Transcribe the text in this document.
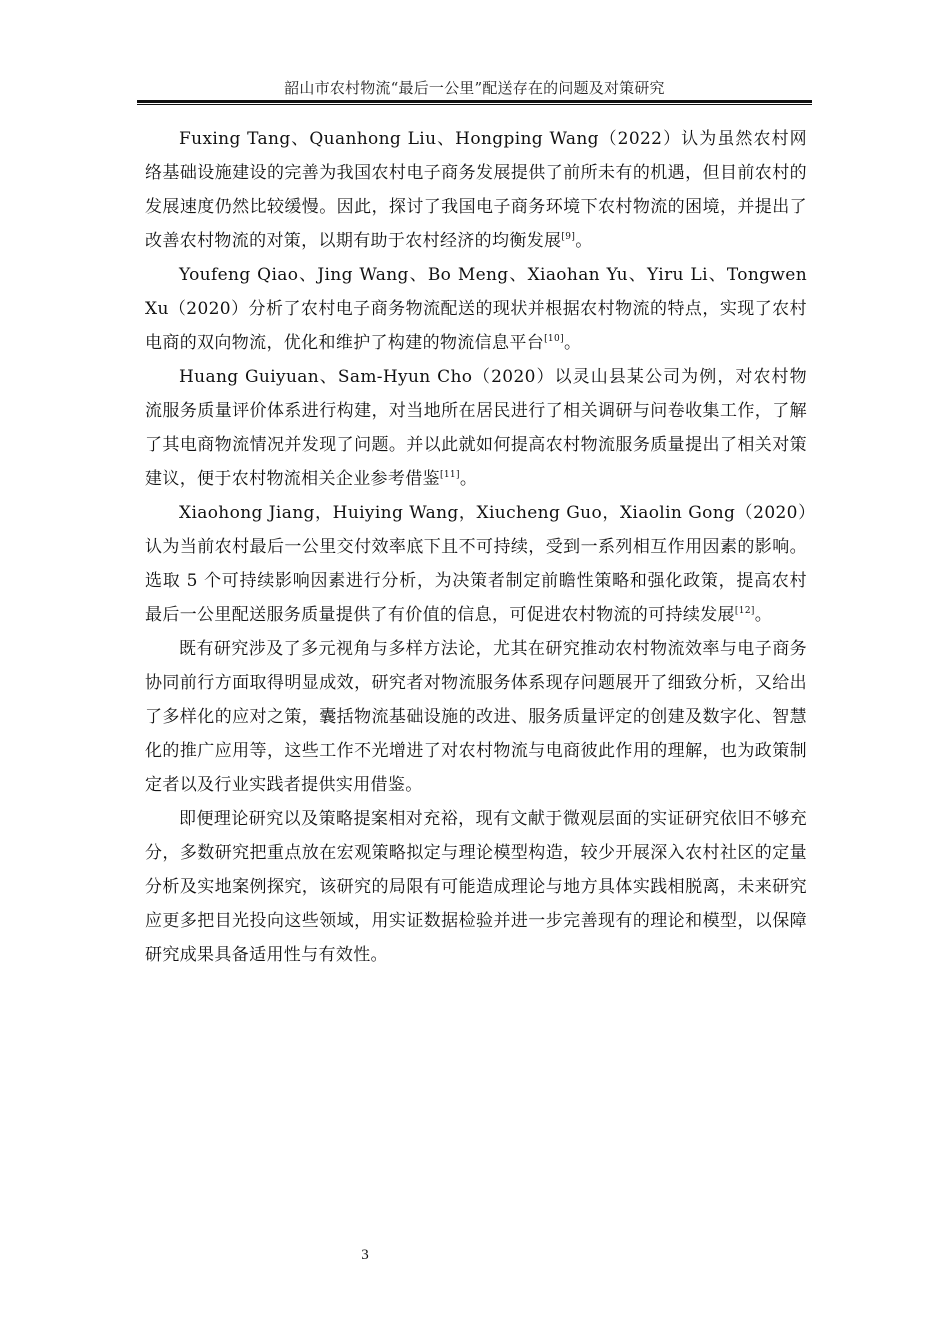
韶山市农村物流“最后一公里”配送存在的问题及对策研究

Fuxing Tang、Quanhong Liu、Hongping Wang（2022）认为虽然农村网络基础设施建设的完善为我国农村电子商务发展提供了前所未有的机遇，但目前农村的发展速度仍然比较缓慢。因此，探讨了我国电子商务环境下农村物流的困境，并提出了改善农村物流的对策，以期有助于农村经济的均衡发展[9]。

Youfeng Qiao、Jing Wang、Bo Meng、Xiaohan Yu、Yiru Li、Tongwen Xu（2020）分析了农村电子商务物流配送的现状并根据农村物流的特点，实现了农村电商的双向物流，优化和维护了构建的物流信息平台[10]。

Huang Guiyuan、Sam-Hyun Cho（2020）以灵山县某公司为例，对农村物流服务质量评价体系进行构建，对当地所在居民进行了相关调研与问卷收集工作，了解了其电商物流情况并发现了问题。并以此就如何提高农村物流服务质量提出了相关对策建议，便于农村物流相关企业参考借鉴[11]。

Xiaohong Jiang，Huiying Wang，Xiucheng Guo，Xiaolin Gong（2020）认为当前农村最后一公里交付效率底下且不可持续，受到一系列相互作用因素的影响。选取 5 个可持续影响因素进行分析，为决策者制定前瞻性策略和强化政策，提高农村最后一公里配送服务质量提供了有价值的信息，可促进农村物流的可持续发展[12]。

既有研究涉及了多元视角与多样方法论，尤其在研究推动农村物流效率与电子商务协同前行方面取得明显成效，研究者对物流服务体系现存问题展开了细致分析，又给出了多样化的应对之策，囊括物流基础设施的改进、服务质量评定的创建及数字化、智慧化的推广应用等，这些工作不光增进了对农村物流与电商彼此作用的理解，也为政策制定者以及行业实践者提供实用借鉴。

即便理论研究以及策略提案相对充裕，现有文献于微观层面的实证研究依旧不够充分，多数研究把重点放在宏观策略拟定与理论模型构造，较少开展深入农村社区的定量分析及实地案例探究，该研究的局限有可能造成理论与地方具体实践相脱离，未来研究应更多把目光投向这些领域，用实证数据检验并进一步完善现有的理论和模型，以保障研究成果具备适用性与有效性。

3
